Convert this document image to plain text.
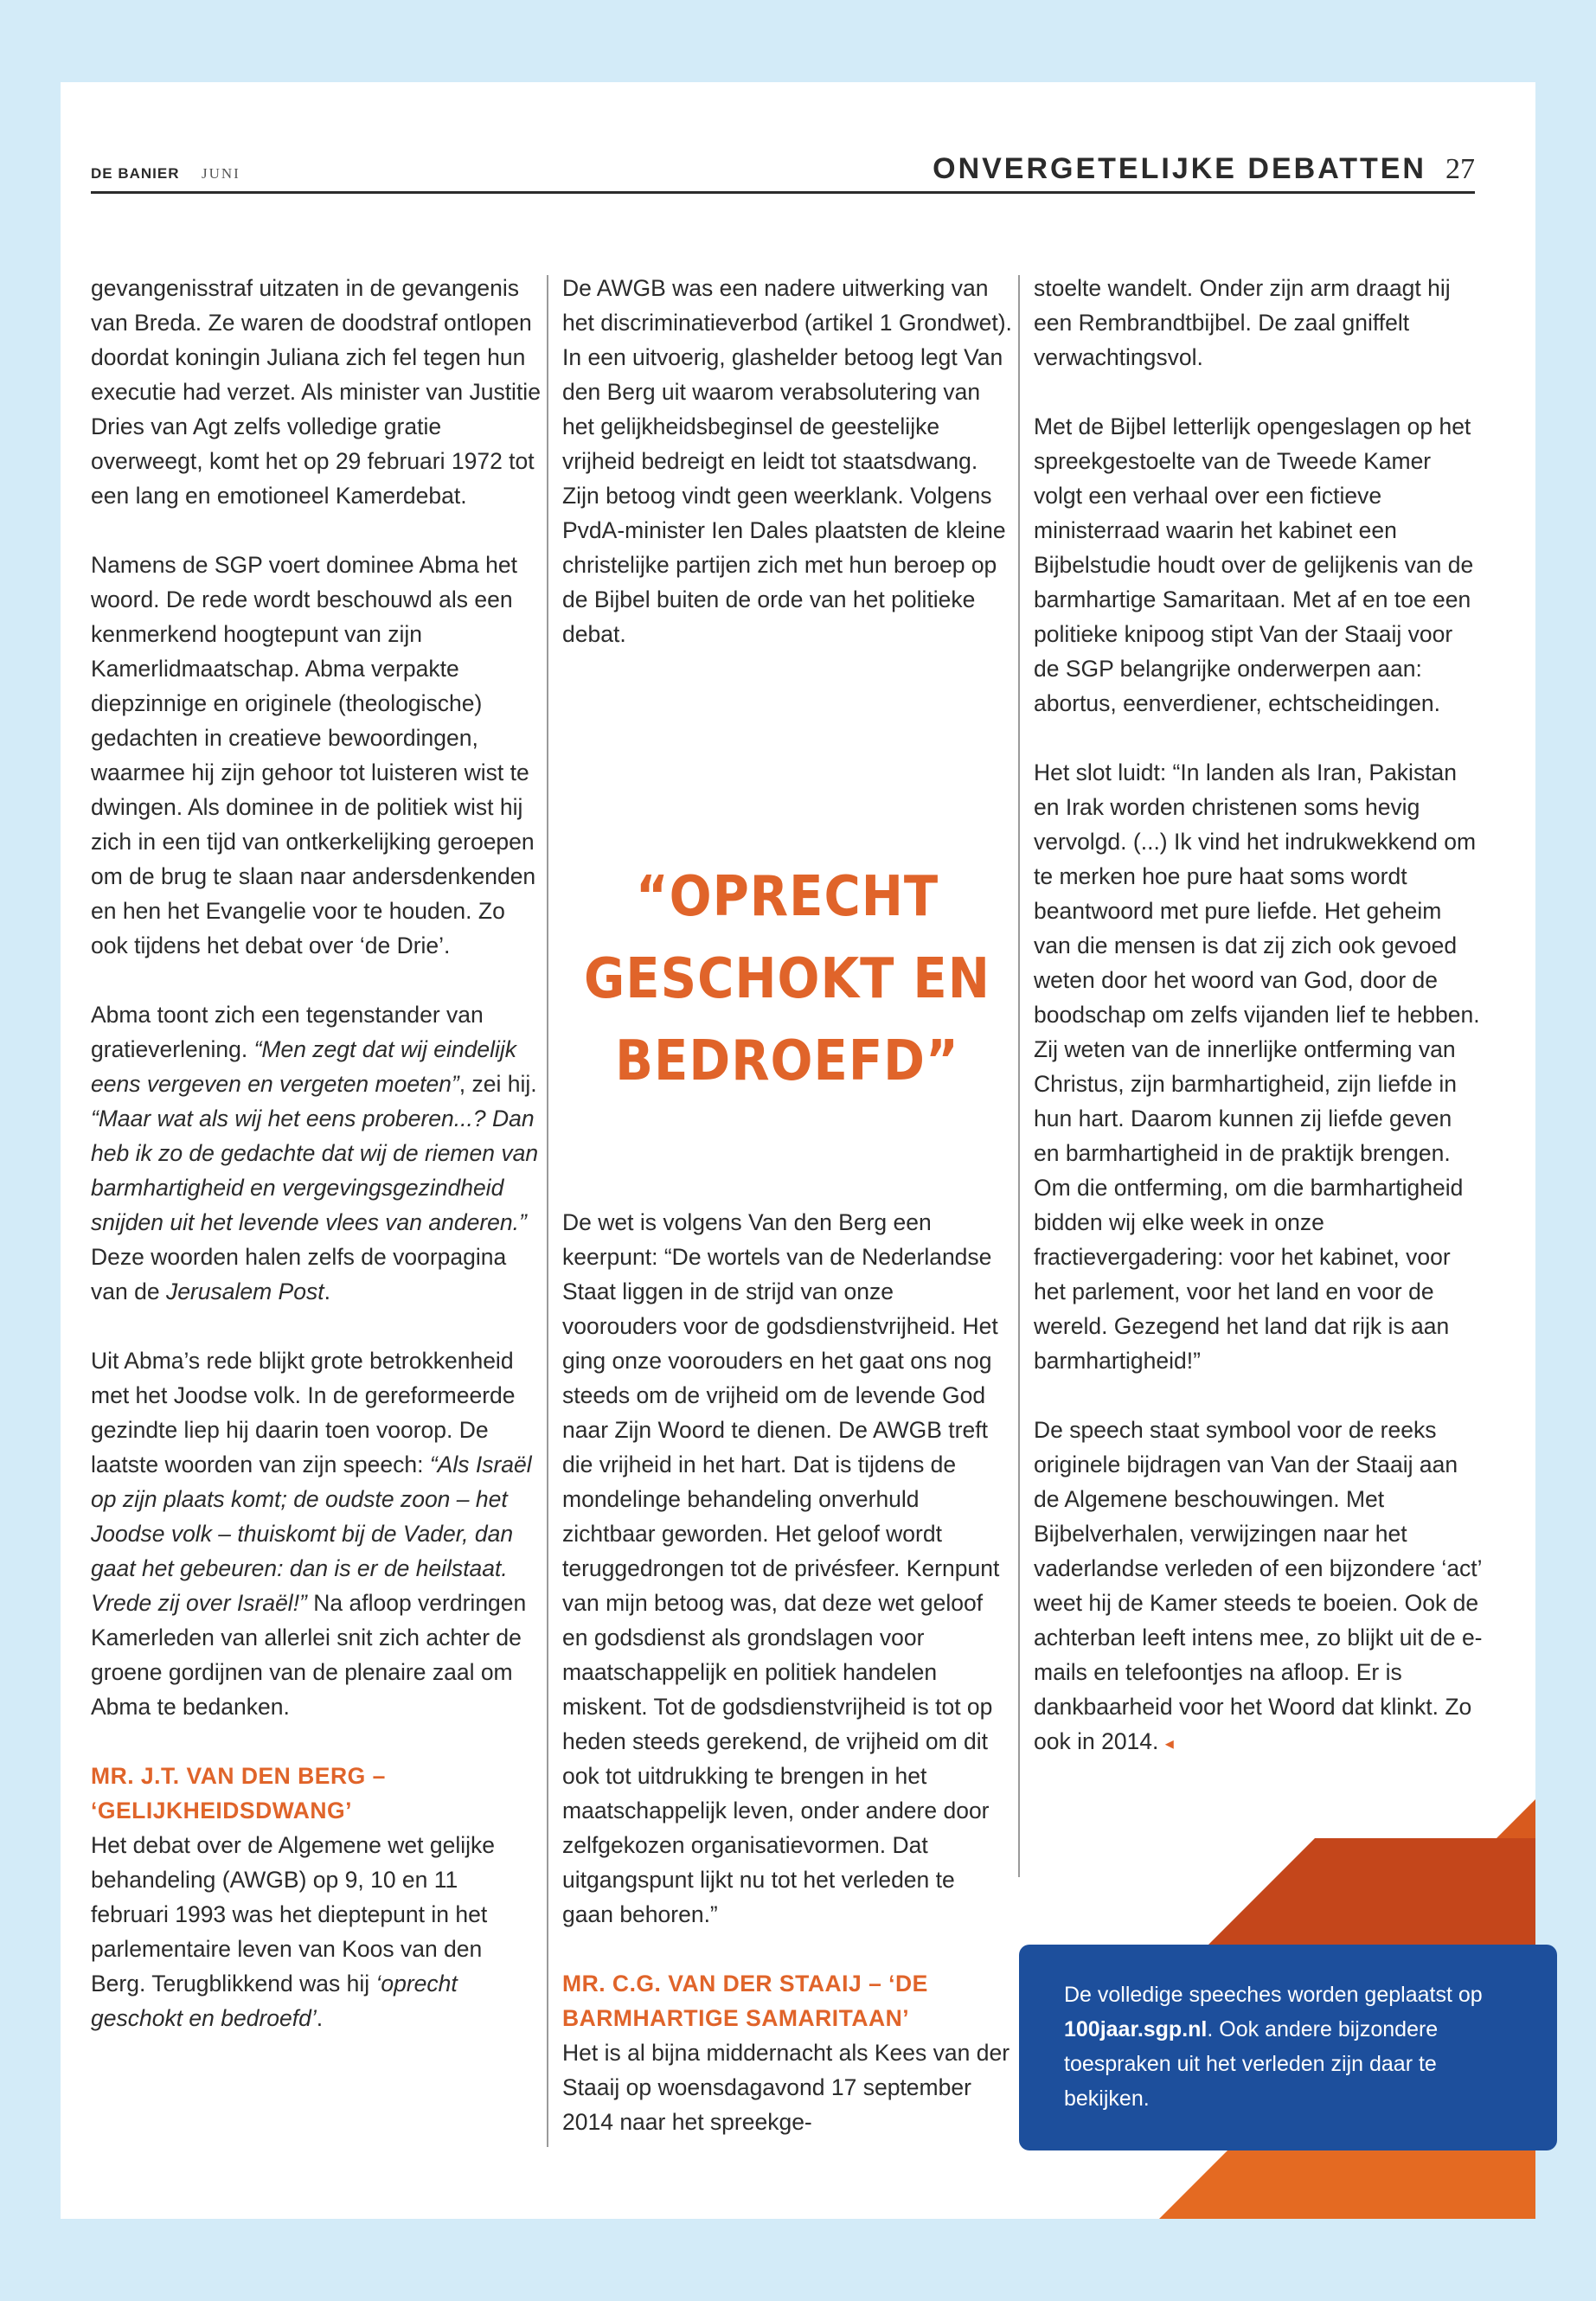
DE BANIER JUNI	ONVERGETELIJKE DEBATTEN 27

gevangenisstraf uitzaten in de gevangenis van Breda. Ze waren de doodstraf ontlopen doordat koningin Juliana zich fel tegen hun executie had verzet. Als minister van Justitie Dries van Agt zelfs volledige gratie overweegt, komt het op 29 februari 1972 tot een lang en emotioneel Kamerdebat.

Namens de SGP voert dominee Abma het woord. De rede wordt beschouwd als een kenmerkend hoogtepunt van zijn Kamerlidmaatschap. Abma verpakte diepzinnige en originele (theologische) gedachten in creatieve bewoordingen, waarmee hij zijn gehoor tot luisteren wist te dwingen. Als dominee in de politiek wist hij zich in een tijd van ontkerkelijking geroepen om de brug te slaan naar andersdenkenden en hen het Evangelie voor te houden. Zo ook tijdens het debat over ‘de Drie’.

Abma toont zich een tegenstander van gratieverlening. “Men zegt dat wij eindelijk eens vergeven en vergeten moeten”, zei hij. “Maar wat als wij het eens proberen...? Dan heb ik zo de gedachte dat wij de riemen van barmhartigheid en vergevingsgezindheid snijden uit het levende vlees van anderen.” Deze woorden halen zelfs de voorpagina van de Jerusalem Post.

Uit Abma’s rede blijkt grote betrokkenheid met het Joodse volk. In de gereformeerde gezindte liep hij daarin toen voorop. De laatste woorden van zijn speech: “Als Israël op zijn plaats komt; de oudste zoon – het Joodse volk – thuiskomt bij de Vader, dan gaat het gebeuren: dan is er de heilstaat. Vrede zij over Israël!” Na afloop verdringen Kamerleden van allerlei snit zich achter de groene gordijnen van de plenaire zaal om Abma te bedanken.

MR. J.T. VAN DEN BERG – ‘GELIJKHEIDSDWANG’
Het debat over de Algemene wet gelijke behandeling (AWGB) op 9, 10 en 11 februari 1993 was het dieptepunt in het parlementaire leven van Koos van den Berg. Terugblikkend was hij ‘oprecht geschokt en bedroefd’.

De AWGB was een nadere uitwerking van het discriminatieverbod (artikel 1 Grondwet). In een uitvoerig, glashelder betoog legt Van den Berg uit waarom verabsolutering van het gelijkheidsbeginsel de geestelijke vrijheid bedreigt en leidt tot staatsdwang. Zijn betoog vindt geen weerklank. Volgens PvdA-minister Ien Dales plaatsten de kleine christelijke partijen zich met hun beroep op de Bijbel buiten de orde van het politieke debat.

“OPRECHT GESCHOKT EN BEDROEFD”

De wet is volgens Van den Berg een keerpunt: “De wortels van de Nederlandse Staat liggen in de strijd van onze voorouders voor de godsdienstvrijheid. Het ging onze voorouders en het gaat ons nog steeds om de vrijheid om de levende God naar Zijn Woord te dienen. De AWGB treft die vrijheid in het hart. Dat is tijdens de mondelinge behandeling onverhuld zichtbaar geworden. Het geloof wordt teruggedrongen tot de privésfeer. Kernpunt van mijn betoog was, dat deze wet geloof en godsdienst als grondslagen voor maatschappelijk en politiek handelen miskent. Tot de godsdienstvrijheid is tot op heden steeds gerekend, de vrijheid om dit ook tot uitdrukking te brengen in het maatschappelijk leven, onder andere door zelfgekozen organisatievormen. Dat uitgangspunt lijkt nu tot het verleden te gaan behoren.”

MR. C.G. VAN DER STAAIJ – ‘DE BARMHARTIGE SAMARITAAN’
Het is al bijna middernacht als Kees van der Staaij op woensdagavond 17 september 2014 naar het spreekge-

stoelte wandelt. Onder zijn arm draagt hij een Rembrandtbijbel. De zaal gniffelt verwachtingsvol.

Met de Bijbel letterlijk opengeslagen op het spreekgestoelte van de Tweede Kamer volgt een verhaal over een fictieve ministerraad waarin het kabinet een Bijbelstudie houdt over de gelijkenis van de barmhartige Samaritaan. Met af en toe een politieke knipoog stipt Van der Staaij voor de SGP belangrijke onderwerpen aan: abortus, eenverdiener, echtscheidingen.

Het slot luidt: “In landen als Iran, Pakistan en Irak worden christenen soms hevig vervolgd. (...) Ik vind het indrukwekkend om te merken hoe pure haat soms wordt beantwoord met pure liefde. Het geheim van die mensen is dat zij zich ook gevoed weten door het woord van God, door de boodschap om zelfs vijanden lief te hebben. Zij weten van de innerlijke ontferming van Christus, zijn barmhartigheid, zijn liefde in hun hart. Daarom kunnen zij liefde geven en barmhartigheid in de praktijk brengen. Om die ontferming, om die barmhartigheid bidden wij elke week in onze fractievergadering: voor het kabinet, voor het parlement, voor het land en voor de wereld. Gezegend het land dat rijk is aan barmhartigheid!”

De speech staat symbool voor de reeks originele bijdragen van Van der Staaij aan de Algemene beschouwingen. Met Bijbelverhalen, verwijzingen naar het vaderlandse verleden of een bijzondere ‘act’ weet hij de Kamer steeds te boeien. Ook de achterban leeft intens mee, zo blijkt uit de e-mails en telefoontjes na afloop. Er is dankbaarheid voor het Woord dat klinkt. Zo ook in 2014. ◂

De volledige speeches worden geplaatst op 100jaar.sgp.nl. Ook andere bijzondere toespraken uit het verleden zijn daar te bekijken.
